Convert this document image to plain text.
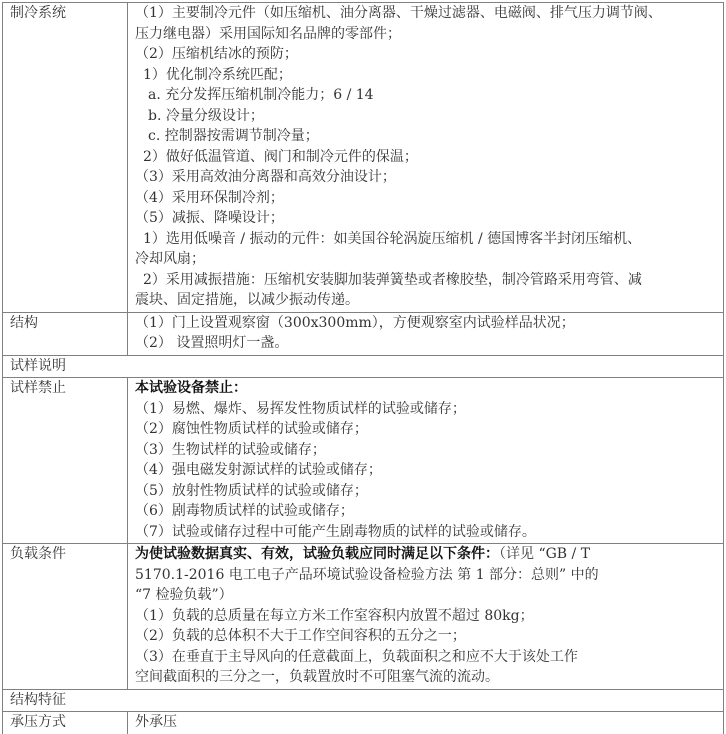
制冷系统	（1）主要制冷元件（如压缩机、油分离器、干燥过滤器、电磁阀、排气压力调节阀、
压力继电器）采用国际知名品牌的零部件；
（2）压缩机结冰的预防；
1）优化制冷系统匹配；
a. 充分发挥压缩机制冷能力；6 / 14
b. 冷量分级设计；
c. 控制器按需调节制冷量；
2）做好低温管道、阀门和制冷元件的保温；
（3）采用高效油分离器和高效分油设计；
（4）采用环保制冷剂；
（5）减振、降噪设计；
1）选用低噪音 / 振动的元件：如美国谷轮涡旋压缩机 / 德国博客半封闭压缩机、
冷却风扇；
2）采用减振措施：压缩机安装脚加装弹簧垫或者橡胶垫，制冷管路采用弯管、减
震块、固定措施，以减少振动传递。

结构	（1）门上设置观察窗（300x300mm），方便观察室内试验样品状况；
（2） 设置照明灯一盏。

试样说明	
试样禁止	本试验设备禁止：
（1）易燃、爆炸、易挥发性物质试样的试验或储存；
（2）腐蚀性物质试样的试验或储存；
（3）生物试样的试验或储存；
（4）强电磁发射源试样的试验或储存；
（5）放射性物质试样的试验或储存；
（6）剧毒物质试样的试验或储存；
（7）试验或储存过程中可能产生剧毒物质的试样的试验或储存。

负载条件	为使试验数据真实、有效，试验负载应同时满足以下条件：（详见 “GB / T
5170.1-2016 电工电子产品环境试验设备检验方法 第 1 部分：总则” 中的
“7 检验负载”）
（1）负载的总质量在每立方米工作室容积内放置不超过 80kg；
（2）负载的总体积不大于工作空间容积的五分之一；
（3）在垂直于主导风向的任意截面上，负载面积之和应不大于该处工作
空间截面积的三分之一，负载置放时不可阻塞气流的流动。

结构特征	
承压方式	外承压
